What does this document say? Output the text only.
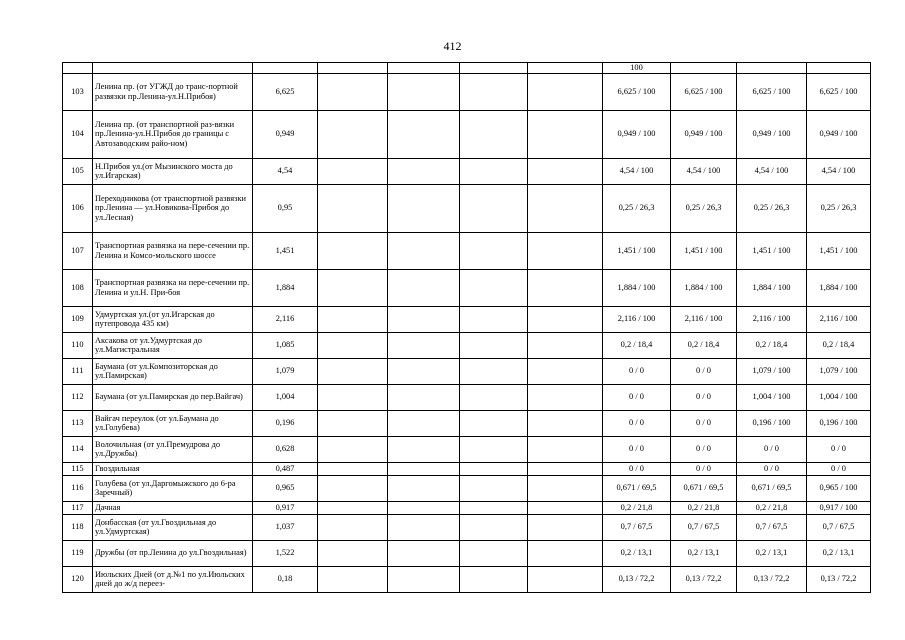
412
							100			
103	Ленина пр. (от УГЖД до транс-портной развязки пр.Ленина-ул.Н.Прибоя)	6,625					6,625 / 100	6,625 / 100	6,625 / 100	6,625 / 100
104	Ленина пр. (от транспортной раз-вязки пр.Ленина-ул.Н.Прибоя до границы с Автозаводским райо-ном)	0,949					0,949 / 100	0,949 / 100	0,949 / 100	0,949 / 100
105	Н.Прибоя ул.(от Мызинского моста до ул.Игарская)	4,54					4,54 / 100	4,54 / 100	4,54 / 100	4,54 / 100
106	Переходникова (от транспортной развязки пр.Ленина — ул.Новикова-Прибоя до ул.Лесная)	0,95					0,25 / 26,3	0,25 / 26,3	0,25 / 26,3	0,25 / 26,3
107	Транспортная развязка на пере-сечении пр. Ленина и Комсо-мольского шоссе	1,451					1,451 / 100	1,451 / 100	1,451 / 100	1,451 / 100
108	Транспортная развязка на пере-сечении пр. Ленина и ул.Н. При-боя	1,884					1,884 / 100	1,884 / 100	1,884 / 100	1,884 / 100
109	Удмуртская ул.(от ул.Игарская до путепровода 435 км)	2,116					2,116 / 100	2,116 / 100	2,116 / 100	2,116 / 100
110	Аксакова от ул.Удмуртская до ул.Магистральная	1,085					0,2 / 18,4	0,2 / 18,4	0,2 / 18,4	0,2 / 18,4
111	Баумана (от ул.Композиторская до ул.Памирская)	1,079					0 / 0	0 / 0	1,079 / 100	1,079 / 100
112	Баумана (от ул.Памирская до пер.Вайгач)	1,004					0 / 0	0 / 0	1,004 / 100	1,004 / 100
113	Вайгач переулок (от ул.Баумана до ул.Голубева)	0,196					0 / 0	0 / 0	0,196 / 100	0,196 / 100
114	Волочильная (от ул.Премудрова до ул.Дружбы)	0,628					0 / 0	0 / 0	0 / 0	0 / 0
115	Гвоздильная	0,487					0 / 0	0 / 0	0 / 0	0 / 0
116	Голубева (от ул.Даргомыжского до 6-ра Заречный)	0,965					0,671 / 69,5	0,671 / 69,5	0,671 / 69,5	0,965 / 100
117	Дачная	0,917					0,2 / 21,8	0,2 / 21,8	0,2 / 21,8	0,917 / 100
118	Донбасская (от ул.Гвоздильная до ул.Удмуртская)	1,037					0,7 / 67,5	0,7 / 67,5	0,7 / 67,5	0,7 / 67,5
119	Дружбы (от пр.Ленина до ул.Гвоздильная)	1,522					0,2 / 13,1	0,2 / 13,1	0,2 / 13,1	0,2 / 13,1
120	Июльских Дней (от д.№1 по ул.Июльских дней до ж/д переез-	0,18					0,13 / 72,2	0,13 / 72,2	0,13 / 72,2	0,13 / 72,2
